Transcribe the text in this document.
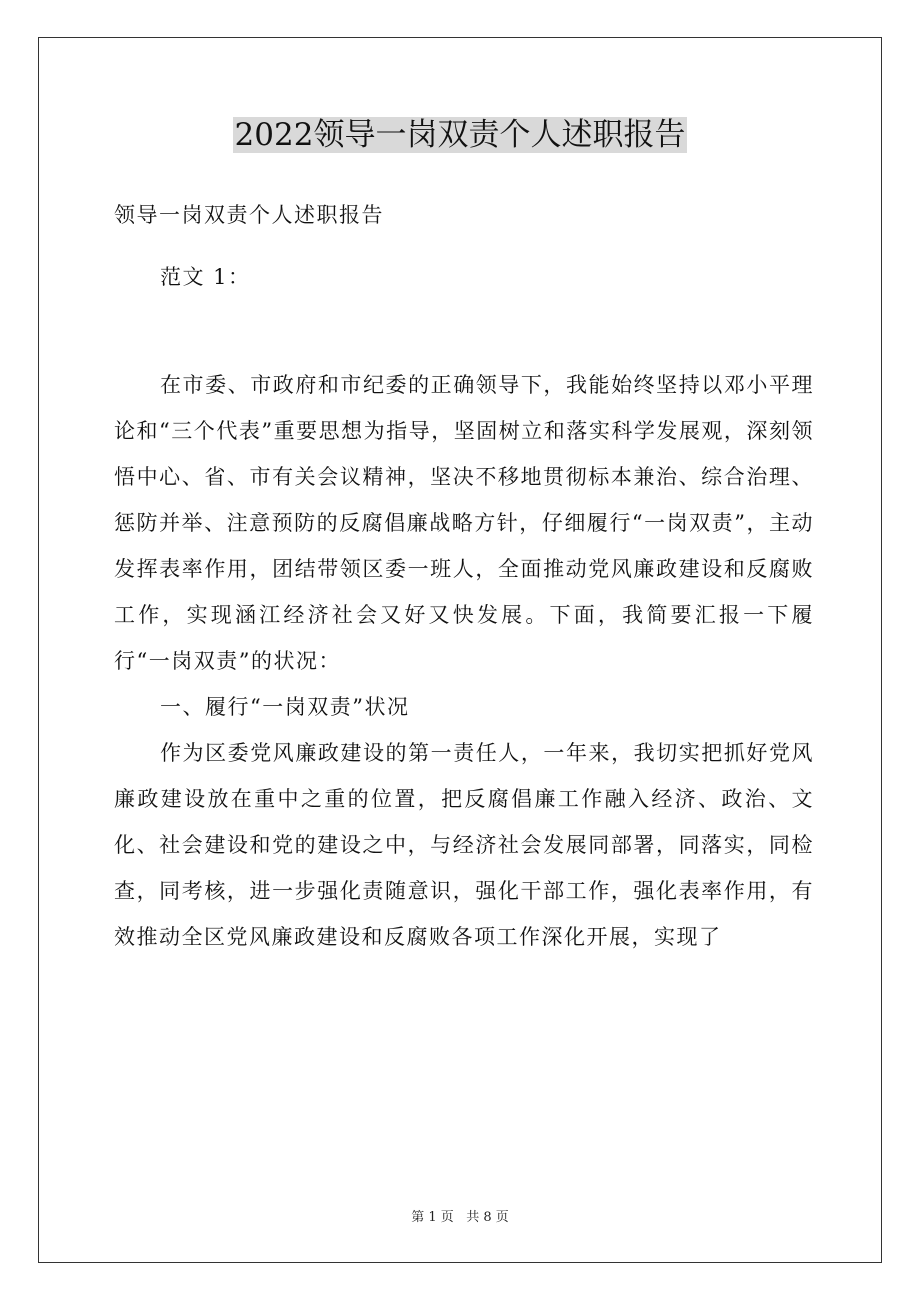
2022领导一岗双责个人述职报告

领导一岗双责个人述职报告

范文 1：

在市委、市政府和市纪委的正确领导下，我能始终坚持以邓小平理论和“三个代表”重要思想为指导，坚固树立和落实科学发展观，深刻领悟中心、省、市有关会议精神，坚决不移地贯彻标本兼治、综合治理、惩防并举、注意预防的反腐倡廉战略方针，仔细履行“一岗双责”，主动发挥表率作用，团结带领区委一班人，全面推动党风廉政建设和反腐败工作，实现涵江经济社会又好又快发展。下面，我简要汇报一下履行“一岗双责”的状况：

一、履行“一岗双责”状况

作为区委党风廉政建设的第一责任人，一年来，我切实把抓好党风廉政建设放在重中之重的位置，把反腐倡廉工作融入经济、政治、文化、社会建设和党的建设之中，与经济社会发展同部署，同落实，同检查，同考核，进一步强化责随意识，强化干部工作，强化表率作用，有效推动全区党风廉政建设和反腐败各项工作深化开展，实现了

第 1 页   共 8 页
